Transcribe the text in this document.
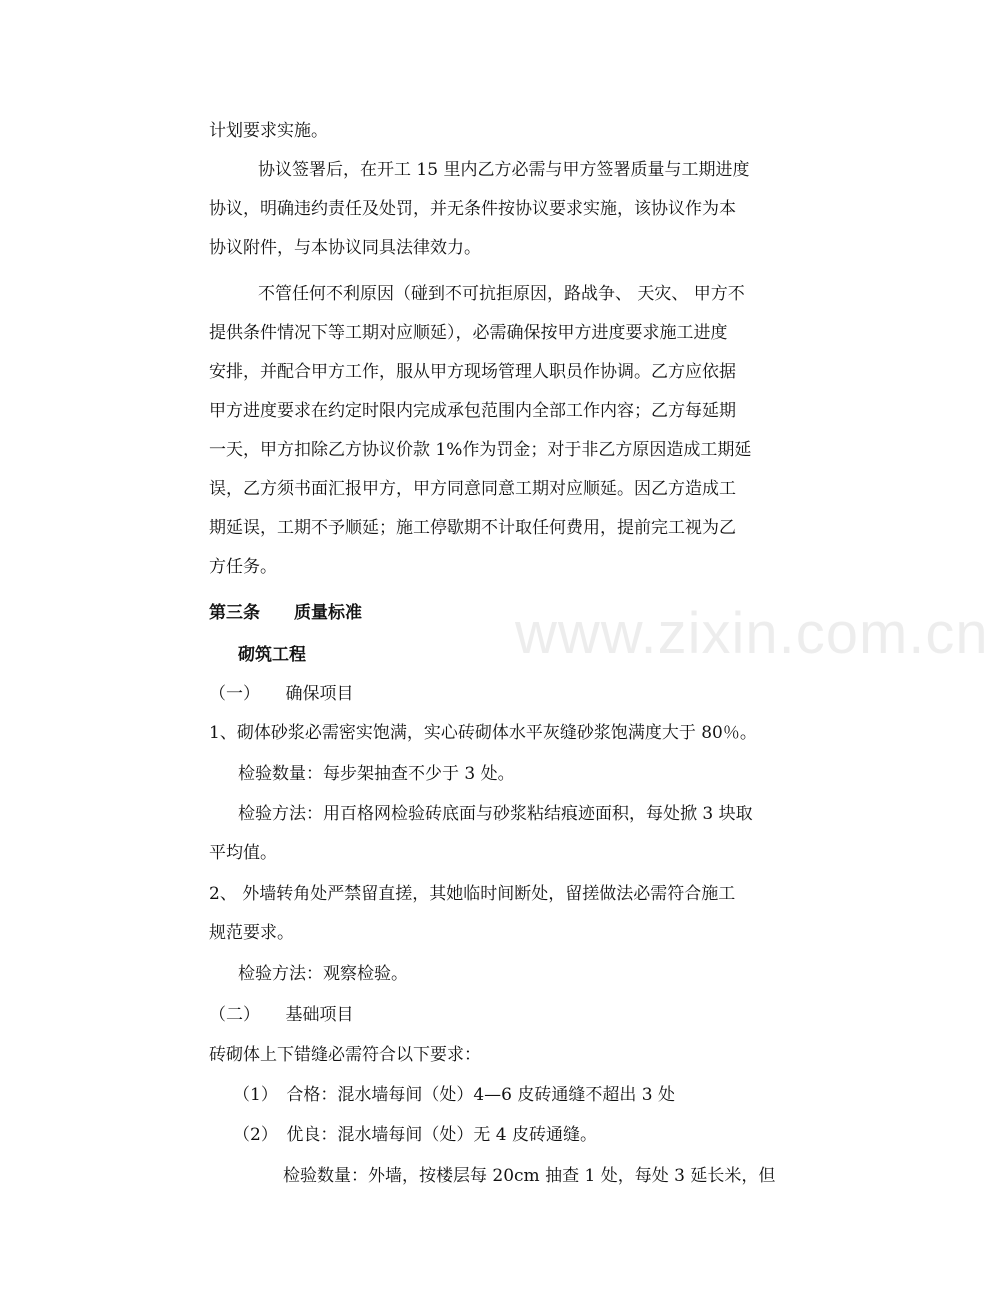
计划要求实施。
协议签署后，在开工 15 里内乙方必需与甲方签署质量与工期进度
协议，明确违约责任及处罚，并无条件按协议要求实施，该协议作为本
协议附件，与本协议同具法律效力。
不管任何不利原因（碰到不可抗拒原因，路战争、 天灾、 甲方不
提供条件情况下等工期对应顺延），必需确保按甲方进度要求施工进度
安排，并配合甲方工作，服从甲方现场管理人职员作协调。乙方应依据
甲方进度要求在约定时限内完成承包范围内全部工作内容；乙方每延期
一天，甲方扣除乙方协议价款 1%作为罚金；对于非乙方原因造成工期延
误，乙方须书面汇报甲方，甲方同意同意工期对应顺延。因乙方造成工
期延误，工期不予顺延；施工停歇期不计取任何费用，提前完工视为乙
方任务。
第三条　　质量标准
砌筑工程
（一）　　确保项目
1、砌体砂浆必需密实饱满，实心砖砌体水平灰缝砂浆饱满度大于 80％。
检验数量：每步架抽查不少于 3 处。
检验方法：用百格网检验砖底面与砂浆粘结痕迹面积，每处掀 3 块取
平均值。
2、 外墙转角处严禁留直搓，其她临时间断处，留搓做法必需符合施工
规范要求。
检验方法：观察检验。
（二）　　基础项目
砖砌体上下错缝必需符合以下要求：
（1）　合格：混水墙每间（处）4—6 皮砖通缝不超出 3 处
（2）　优良：混水墙每间（处）无 4 皮砖通缝。
检验数量：外墙，按楼层每 20cm 抽查 1 处，每处 3 延长米，但
www.zixin.com.cn
